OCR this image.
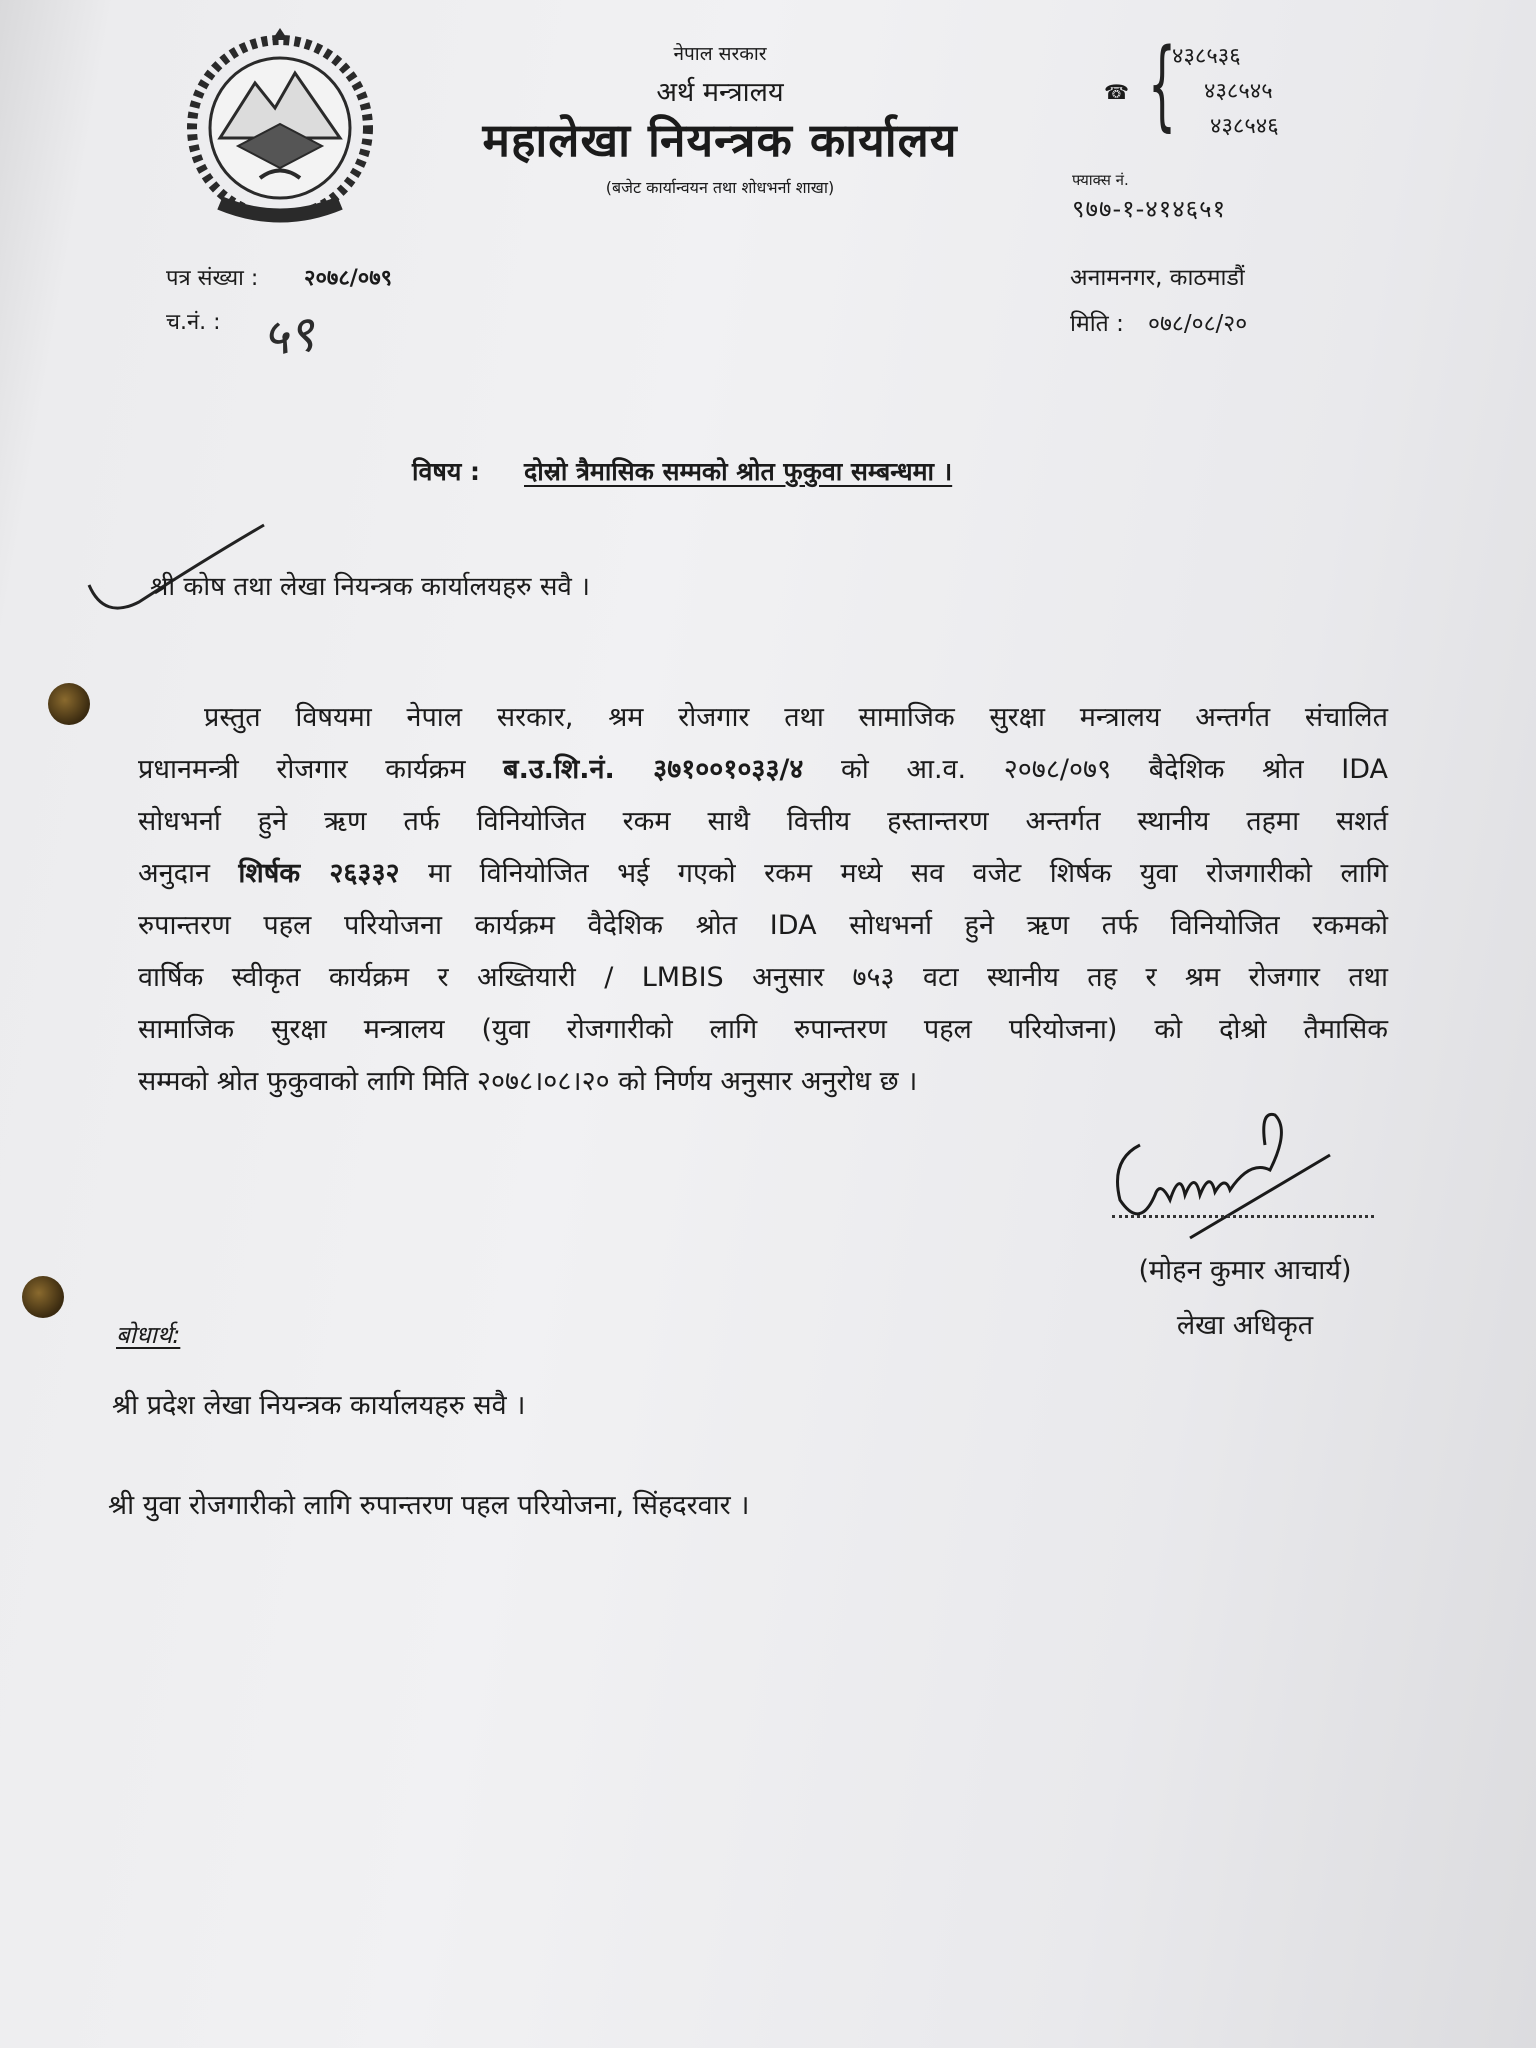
नेपाल सरकार
अर्थ मन्त्रालय
महालेखा नियन्त्रक कार्यालय
(बजेट कार्यान्वयन तथा शोधभर्ना शाखा)
☎ {
४३८५३६
४३८५४५
४३८५४६
फ्याक्स नं.
९७७-१-४१४६५१
पत्र संख्या : २०७८/०७९
च.नं. : ५९
अनामनगर, काठमाडौं
मिति : ०७८/०८/२०
विषय : दोस्रो त्रैमासिक सम्मको श्रोत फुकुवा सम्बन्धमा ।
श्री कोष तथा लेखा नियन्त्रक कार्यालयहरु सवै ।
प्रस्तुत विषयमा नेपाल सरकार, श्रम रोजगार तथा सामाजिक सुरक्षा मन्त्रालय अन्तर्गत संचालित
प्रधानमन्त्री रोजगार कार्यक्रम ब.उ.शि.नं. ३७१००१०३३/४ को आ.व. २०७८/०७९ बैदेशिक श्रोत IDA
सोधभर्ना हुने ऋण तर्फ विनियोजित रकम साथै वित्तीय हस्तान्तरण अन्तर्गत स्थानीय तहमा सशर्त
अनुदान शिर्षक २६३३२ मा विनियोजित भई गएको रकम मध्ये सव वजेट शिर्षक युवा रोजगारीको लागि
रुपान्तरण पहल परियोजना कार्यक्रम वैदेशिक श्रोत IDA सोधभर्ना हुने ऋण तर्फ विनियोजित रकमको
वार्षिक स्वीकृत कार्यक्रम र अख्तियारी / LMBIS अनुसार ७५३ वटा स्थानीय तह र श्रम रोजगार तथा
सामाजिक सुरक्षा मन्त्रालय (युवा रोजगारीको लागि रुपान्तरण पहल परियोजना) को दोश्रो तैमासिक
सम्मको श्रोत फुकुवाको लागि मिति २०७८।०८।२० को निर्णय अनुसार अनुरोध छ ।
(मोहन कुमार आचार्य)
लेखा अधिकृत
बोधार्थ:
श्री प्रदेश लेखा नियन्त्रक कार्यालयहरु सवै ।
श्री युवा रोजगारीको लागि रुपान्तरण पहल परियोजना, सिंहदरवार ।
